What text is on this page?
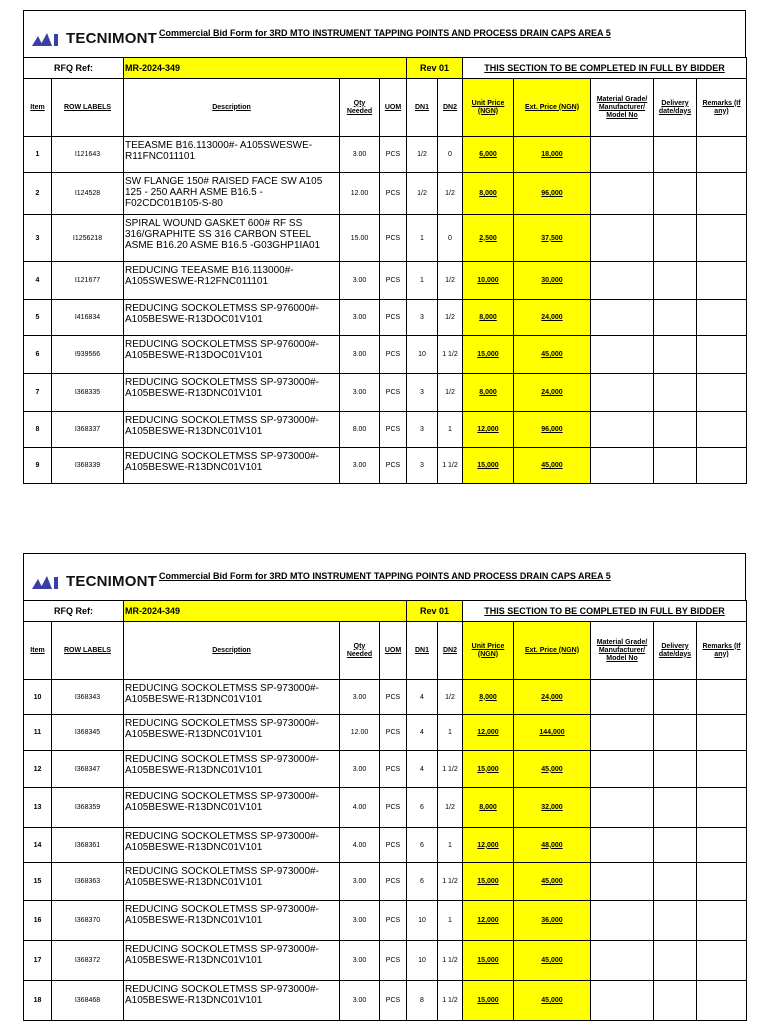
TECNIMONT Commercial Bid Form for 3RD MTO INSTRUMENT TAPPING POINTS AND PROCESS DRAIN CAPS AREA 5
RFQ Ref:		MR-2024-349			Rev 01		THIS SECTION TO BE COMPLETED IN FULL BY BIDDER				
Item	ROW LABELS	Description	Qty Needed	UOM	DN1	DN2	Unit Price (NGN)	Ext. Price (NGN)	Material Grade/ Manufacturer/ Model No	Delivery date/days	Remarks (If any)
1	I121643	TEEASME B16.113000#- A105SWESWE-R11FNC011101	3.00	PCS	1/2	0	6,000	18,000			
2	I124528	SW FLANGE 150# RAISED FACE SW A105 125 - 250 AARH ASME B16.5 -F02CDC01B105-S-80	12.00	PCS	1/2	1/2	8,000	96,000			
3	I1256218	SPIRAL WOUND GASKET 600# RF SS 316/GRAPHITE SS 316 CARBON STEEL ASME B16.20 ASME B16.5 -G03GHP1IA01	15.00	PCS	1	0	2,500	37,500			
4	I121677	REDUCING TEEASME B16.113000#-A105SWESWE-R12FNC011101	3.00	PCS	1	1/2	10,000	30,000			
5	I416834	REDUCING SOCKOLETMSS SP-976000#-A105BESWE-R13DOC01V101	3.00	PCS	3	1/2	8,000	24,000			
6	I939566	REDUCING SOCKOLETMSS SP-976000#-A105BESWE-R13DOC01V101	3.00	PCS	10	1 1/2	15,000	45,000			
7	I368335	REDUCING SOCKOLETMSS SP-973000#-A105BESWE-R13DNC01V101	3.00	PCS	3	1/2	8,000	24,000			
8	I368337	REDUCING SOCKOLETMSS SP-973000#-A105BESWE-R13DNC01V101	8.00	PCS	3	1	12,000	96,000			
9	I368339	REDUCING SOCKOLETMSS SP-973000#-A105BESWE-R13DNC01V101	3.00	PCS	3	1 1/2	15,000	45,000			
TECNIMONT Commercial Bid Form for 3RD MTO INSTRUMENT TAPPING POINTS AND PROCESS DRAIN CAPS AREA 5
RFQ Ref:		MR-2024-349			Rev 01		THIS SECTION TO BE COMPLETED IN FULL BY BIDDER				
Item	ROW LABELS	Description	Qty Needed	UOM	DN1	DN2	Unit Price (NGN)	Ext. Price (NGN)	Material Grade/ Manufacturer/ Model No	Delivery date/days	Remarks (If any)
10	I368343	REDUCING SOCKOLETMSS SP-973000#-A105BESWE-R13DNC01V101	3.00	PCS	4	1/2	8,000	24,000			
11	I368345	REDUCING SOCKOLETMSS SP-973000#-A105BESWE-R13DNC01V101	12.00	PCS	4	1	12,000	144,000			
12	I368347	REDUCING SOCKOLETMSS SP-973000#-A105BESWE-R13DNC01V101	3.00	PCS	4	1 1/2	15,000	45,000			
13	I368359	REDUCING SOCKOLETMSS SP-973000#-A105BESWE-R13DNC01V101	4.00	PCS	6	1/2	8,000	32,000			
14	I368361	REDUCING SOCKOLETMSS SP-973000#-A105BESWE-R13DNC01V101	4.00	PCS	6	1	12,000	48,000			
15	I368363	REDUCING SOCKOLETMSS SP-973000#-A105BESWE-R13DNC01V101	3.00	PCS	6	1 1/2	15,000	45,000			
16	I368370	REDUCING SOCKOLETMSS SP-973000#-A105BESWE-R13DNC01V101	3.00	PCS	10	1	12,000	36,000			
17	I368372	REDUCING SOCKOLETMSS SP-973000#-A105BESWE-R13DNC01V101	3.00	PCS	10	1 1/2	15,000	45,000			
18	I368468	REDUCING SOCKOLETMSS SP-973000#-A105BESWE-R13DNC01V101	3.00	PCS	8	1 1/2	15,000	45,000			
